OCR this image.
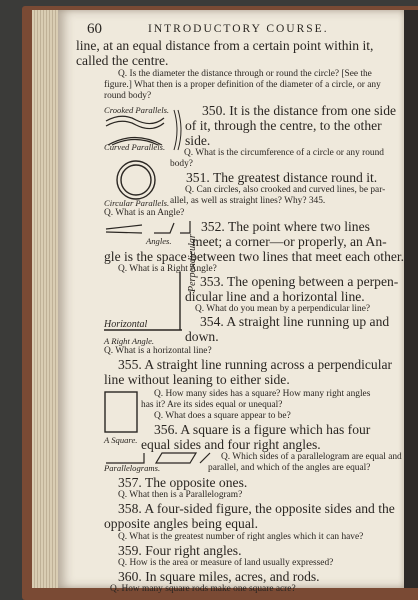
60	INTRODUCTORY COURSE.

line, at an equal distance from a certain point within it,

called the centre.

Q. Is the diameter the distance through or round the circle? [See the

figure.] What then is a proper definition of the diameter of a circle, or any

round body?

Crooked Parallels. 350. It is the distance from one side

of it, through the centre, to the other

side.

Curved Parallels.

Q. What is the circumference of a circle or any round

body?

351. The greatest distance round it.

Q. Can circles, also crooked and curved lines, be par-

allel, as well as straight lines? Why? 345.

Circular Parallels.

Q. What is an Angle?

352. The point where two lines

Angles. meet; a corner—or properly, an An-

gle is the space between two lines that meet each other.

Q. What is a Right Angle?

353. The opening between a perpen-

dicular line and a horizontal line.

Q. What do you mean by a perpendicular line?

354. A straight line running up and

Horizontal

down.

A Right Angle.

Q. What is a horizontal line?

355. A straight line running across a perpendicular

line without leaning to either side.

Q. How many sides has a square? How many right angles

has it? Are its sides equal or unequal?

Q. What does a square appear to be?

356. A square is a figure which has four

A Square. equal sides and four right angles.

Q. Which sides of a parallelogram are equal and

Parallelograms.	parallel, and which of the angles are equal?

357. The opposite ones.

Q. What then is a Parallelogram?

358. A four-sided figure, the opposite sides and the

opposite angles being equal.

Q. What is the greatest number of right angles which it can have?

359. Four right angles.

Q. How is the area or measure of land usually expressed?

360. In square miles, acres, and rods.

Q. How many square rods make one square acre?

Perpendicular
